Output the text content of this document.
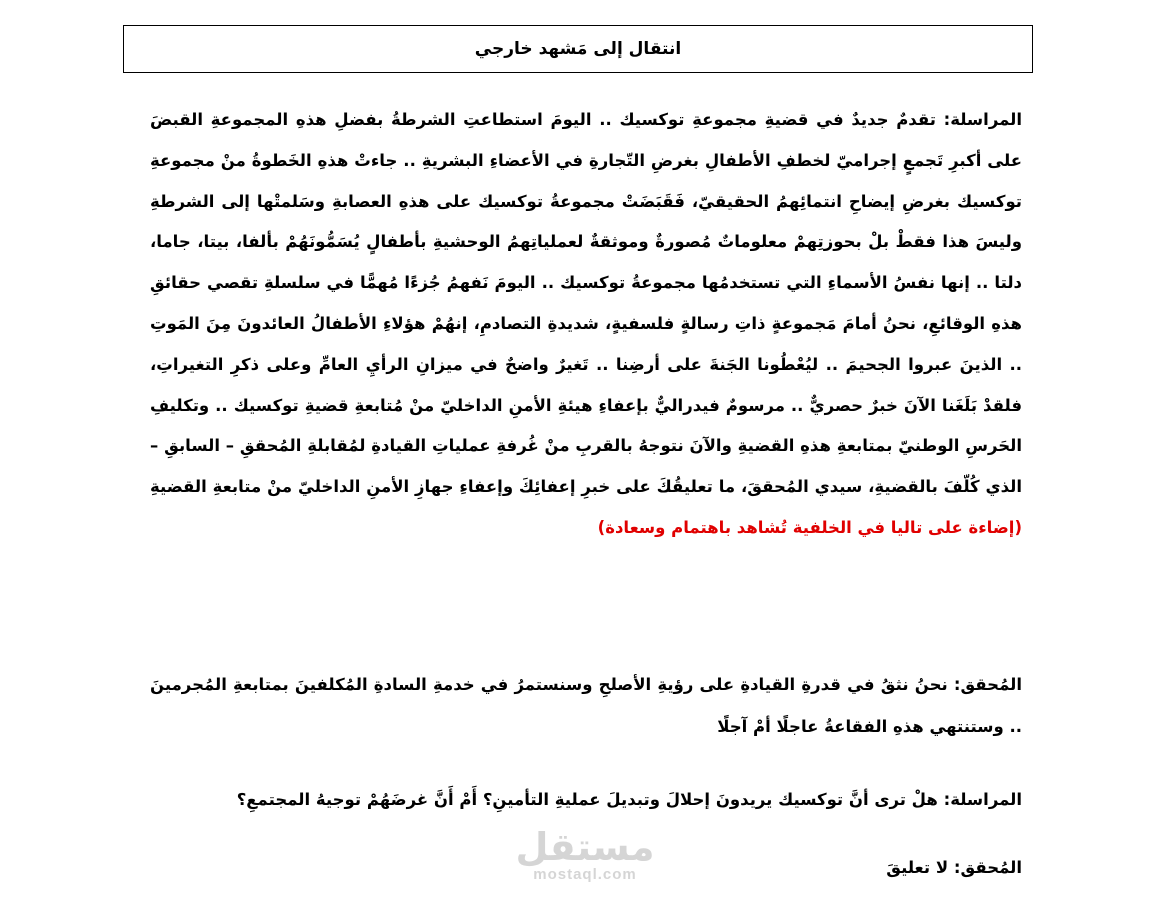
انتقال إلى مَشهد خارجي
المراسلة: تقدمٌ جديدٌ في قضيةِ مجموعةِ توكسيك .. اليومَ استطاعتِ الشرطةُ بفضلِ هذهِ المجموعةِ القبضَ على أكبرِ تَجمعٍ إجراميّ لخطفِ الأطفالِ بغرضِ التّجارةِ في الأعضاءِ البشريةِ .. جاءتْ هذهِ الخَطوةُ منْ مجموعةِ توكسيك بغرضِ إيضاحِ انتمائِهمُ الحقيقيّ، فَقَبَضَتْ مجموعةُ توكسيك على هذهِ العصابةِ وسَلمتْها إلى الشرطةِ وليسَ هذا فقطْ بلْ بحوزتِهمْ معلوماتٌ مُصورةٌ وموثقةٌ لعملياتِهمُ الوحشيةِ بأطفالٍ يُسَمُّونَهُمْ بألفا، بيتا، جاما، دلتا .. إنها نفسُ الأسماءِ التي تستخدمُها مجموعةُ توكسيك .. اليومَ نَفهمُ جُزءًا مُهمًّا في سلسلةِ تقصي حقائقِ هذهِ الوقائعِ، نحنُ أمامَ مَجموعةٍ ذاتِ رسالةٍ فلسفيةٍ، شديدةِ التصادمِ، إنهُمْ هؤلاءِ الأطفالُ العائدونَ مِنَ المَوتِ .. الذينَ عبروا الجحيمَ .. ليُعْطُونا الجَنةَ على أرضِنا .. تَغيرٌ واضحٌ في ميزانِ الرأيِ العامِّ وعلى ذكرِ التغيراتِ، فلقدْ بَلَغَنا الآنَ خبرٌ حصريٌّ .. مرسومٌ فيدراليٌّ بإعفاءِ هيئةِ الأمنِ الداخليّ منْ مُتابعةِ قضيةِ توكسيك .. وتكليفِ الحَرسِ الوطنيّ بمتابعةِ هذهِ القضيةِ والآنَ نتوجهُ بالقربِ منْ غُرفةِ عملياتِ القيادةِ لمُقابلةِ المُحققِ – السابقِ – الذي كُلّفَ بالقضيةِ، سيدي المُحققَ، ما تعليقُكَ على خبرِ إعفائِكَ وإعفاءِ جهازِ الأمنِ الداخليّ منْ متابعةِ القضيةِ (إضاءة على تاليا في الخلفية تُشاهد باهتمام وسعادة)
المُحقق: نحنُ نثقُ في قدرةِ القيادةِ على رؤيةِ الأصلحِ وسنستمرُ في خدمةِ السادةِ المُكلفينَ بمتابعةِ المُجرمينَ .. وستنتهي هذهِ الفقاعةُ عاجلًا أمْ آجلًا
المراسلة: هلْ ترى أنَّ توكسيك يريدونَ إحلالَ وتبديلَ عمليةِ التأمينِ؟ أَمْ أَنَّ غرضَهُمْ توجيهُ المجتمعِ؟
المُحقق: لا تعليقَ
مستقل
mostaql.com
